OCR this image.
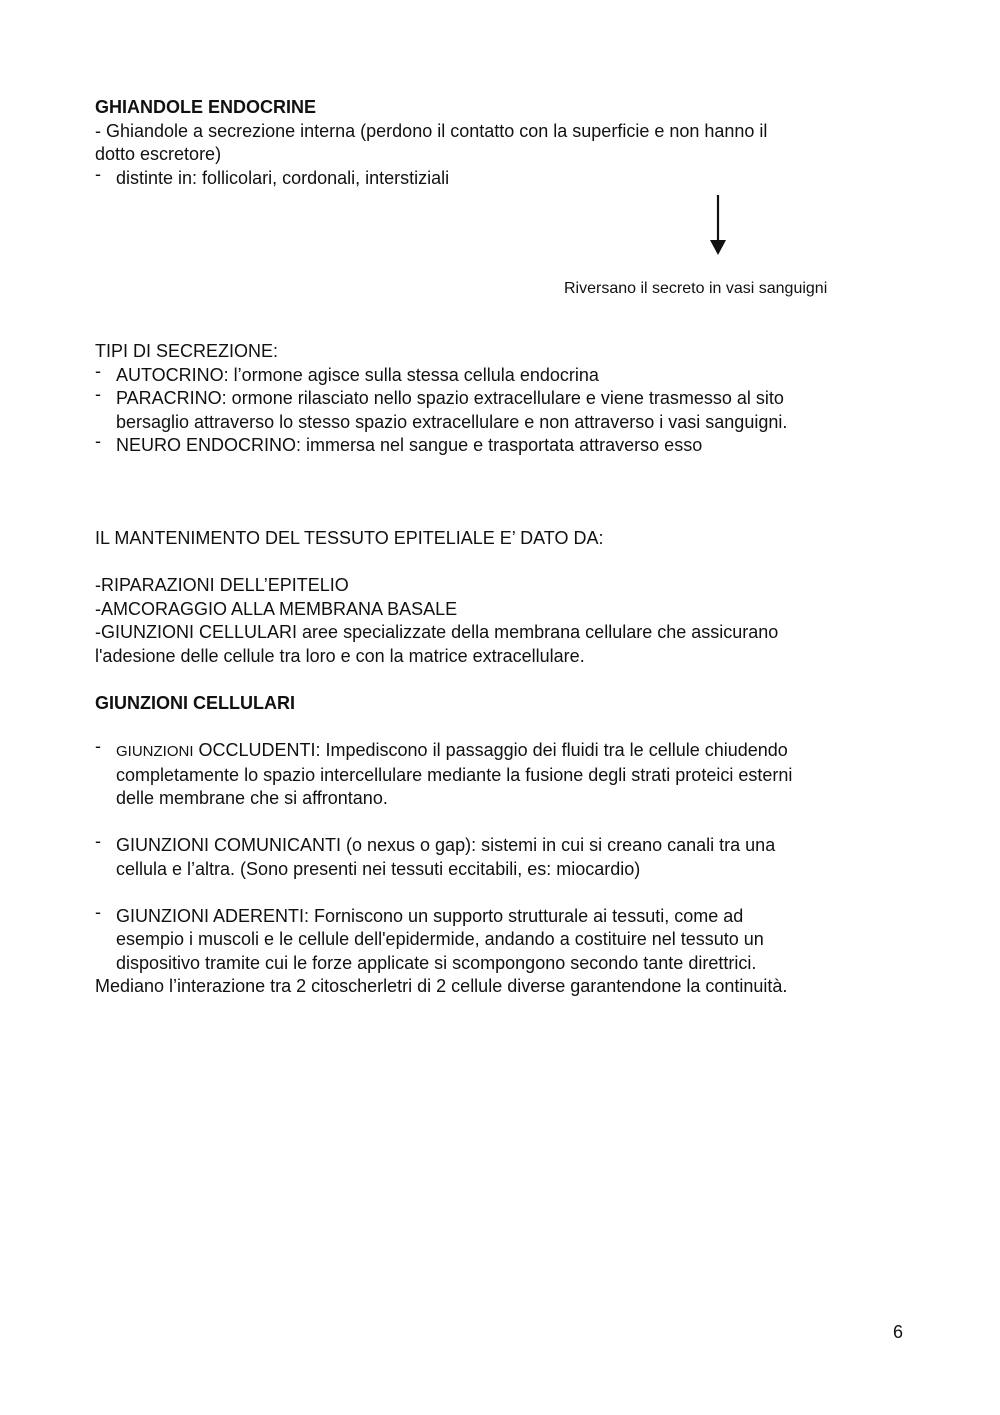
GHIANDOLE ENDOCRINE
- Ghiandole a secrezione interna (perdono il contatto con la superficie e non hanno il
dotto escretore)
- distinte in: follicolari, cordonali, interstiziali
Riversano il secreto in vasi sanguigni
TIPI DI SECREZIONE:
- AUTOCRINO: l’ormone agisce sulla stessa cellula endocrina
- PARACRINO: ormone rilasciato nello spazio extracellulare e viene trasmesso al sito
bersaglio attraverso lo stesso spazio extracellulare e non attraverso i vasi sanguigni.
- NEURO ENDOCRINO: immersa nel sangue e trasportata attraverso esso
IL MANTENIMENTO DEL TESSUTO EPITELIALE E’ DATO DA:
-RIPARAZIONI DELL’EPITELIO
-AMCORAGGIO ALLA MEMBRANA BASALE
-GIUNZIONI CELLULARI aree specializzate della membrana cellulare che assicurano
l'adesione delle cellule tra loro e con la matrice extracellulare.
GIUNZIONI CELLULARI
- GIUNZIONI OCCLUDENTI: Impediscono il passaggio dei fluidi tra le cellule chiudendo
completamente lo spazio intercellulare mediante la fusione degli strati proteici esterni
delle membrane che si affrontano.
- GIUNZIONI COMUNICANTI (o nexus o gap): sistemi in cui si creano canali tra una
cellula e l’altra. (Sono presenti nei tessuti eccitabili, es: miocardio)
- GIUNZIONI ADERENTI: Forniscono un supporto strutturale ai tessuti, come ad
esempio i muscoli e le cellule dell'epidermide, andando a costituire nel tessuto un
dispositivo tramite cui le forze applicate si scompongono secondo tante direttrici.
Mediano l’interazione tra 2 citoscherletri di 2 cellule diverse garantendone la continuità.
6
